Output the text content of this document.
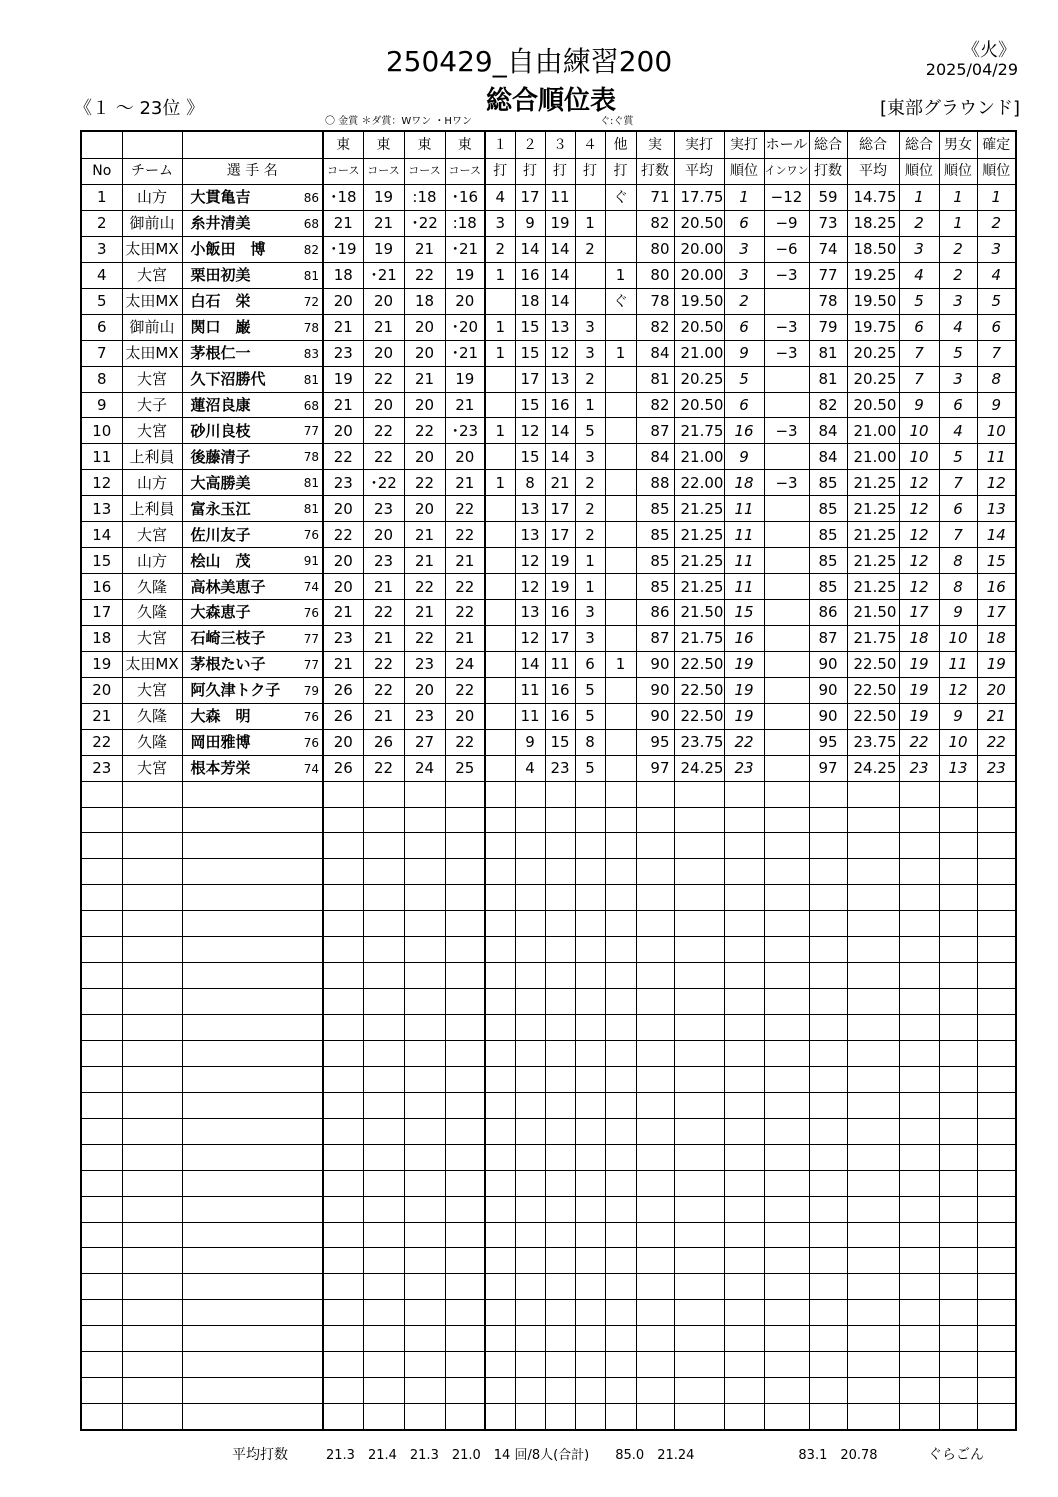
250429_自由練習200	《火》
2025/04/29
総合順位表
《１ ～ 23位 》	[東部グラウンド]
〇 金賞 ＊ダ賞：Wワン ・Hワン	ぐ:ぐ賞
			東	東	東	東	１	２	３	４	他	実	実打	実打	ホール	総合	総合	総合	男女	確定
No	チーム	選 手 名	コース	コース	コース	コース	打	打	打	打	打	打数	平均	順位	インワン	打数	平均	順位	順位	順位
1	山方	大貫亀吉 86	･18	19	:18	･16	4	17	11		ぐ	71	17.75	1	−12	59	14.75	1	1	1
2	御前山	糸井清美 68	21	21	･22	:18	3	9	19	1		82	20.50	6	−9	73	18.25	2	1	2
3	太田MX	小飯田　博 82	･19	19	21	･21	2	14	14	2		80	20.00	3	−6	74	18.50	3	2	3
4	大宮	栗田初美 81	18	･21	22	19	1	16	14		1	80	20.00	3	−3	77	19.25	4	2	4
5	太田MX	白石　栄 72	20	20	18	20		18	14		ぐ	78	19.50	2		78	19.50	5	3	5
6	御前山	関口　巌 78	21	21	20	･20	1	15	13	3		82	20.50	6	−3	79	19.75	6	4	6
7	太田MX	茅根仁一 83	23	20	20	･21	1	15	12	3	1	84	21.00	9	−3	81	20.25	7	5	7
8	大宮	久下沼勝代 81	19	22	21	19		17	13	2		81	20.25	5		81	20.25	7	3	8
9	大子	蓮沼良康 68	21	20	20	21		15	16	1		82	20.50	6		82	20.50	9	6	9
10	大宮	砂川良枝 77	20	22	22	･23	1	12	14	5		87	21.75	16	−3	84	21.00	10	4	10
11	上利員	後藤清子 78	22	22	20	20		15	14	3		84	21.00	9		84	21.00	10	5	11
12	山方	大高勝美 81	23	･22	22	21	1	8	21	2		88	22.00	18	−3	85	21.25	12	7	12
13	上利員	富永玉江 81	20	23	20	22		13	17	2		85	21.25	11		85	21.25	12	6	13
14	大宮	佐川友子 76	22	20	21	22		13	17	2		85	21.25	11		85	21.25	12	7	14
15	山方	桧山　茂 91	20	23	21	21		12	19	1		85	21.25	11		85	21.25	12	8	15
16	久隆	高林美恵子 74	20	21	22	22		12	19	1		85	21.25	11		85	21.25	12	8	16
17	久隆	大森恵子 76	21	22	21	22		13	16	3		86	21.50	15		86	21.50	17	9	17
18	大宮	石崎三枝子 77	23	21	22	21		12	17	3		87	21.75	16		87	21.75	18	10	18
19	太田MX	茅根たい子 77	21	22	23	24		14	11	6	1	90	22.50	19		90	22.50	19	11	19
20	大宮	阿久津トク子 79	26	22	20	22		11	16	5		90	22.50	19		90	22.50	19	12	20
21	久隆	大森　明 76	26	21	23	20		11	16	5		90	22.50	19		90	22.50	19	9	21
22	久隆	岡田雅博 76	20	26	27	22		9	15	8		95	23.75	22		95	23.75	22	10	22
23	大宮	根本芳栄 74	26	22	24	25		4	23	5		97	24.25	23		97	24.25	23	13	23

平均打数	21.3　21.4　21.3　21.0　14 回/8人(合計)　　85.0　21.24　　　　　　　　83.1　20.78	ぐらごん
